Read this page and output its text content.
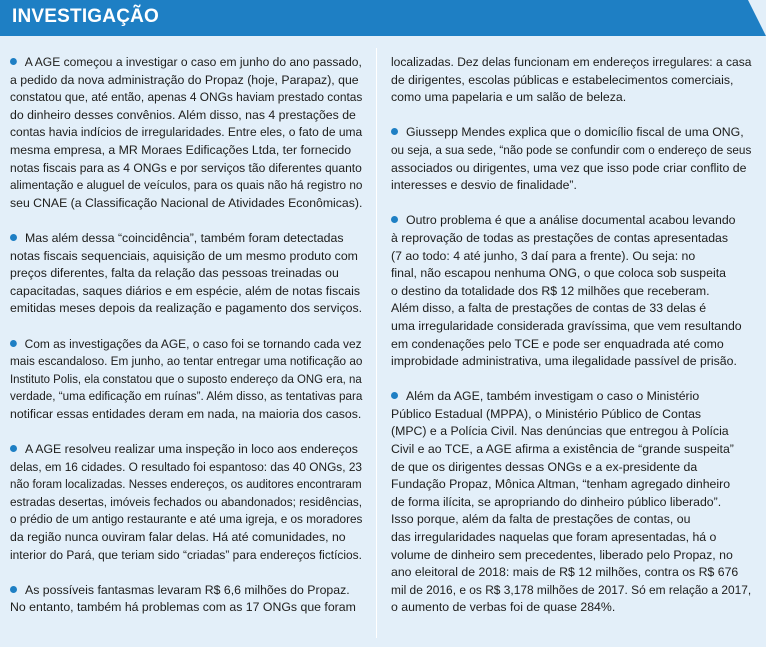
INVESTIGAÇÃO
A AGE começou a investigar o caso em junho do ano passado,
a pedido da nova administração do Propaz (hoje, Parapaz), que
constatou que, até então, apenas 4 ONGs haviam prestado contas
do dinheiro desses convênios. Além disso, nas 4 prestações de
contas havia indícios de irregularidades. Entre eles, o fato de uma
mesma empresa, a MR Moraes Edificações Ltda, ter fornecido
notas fiscais para as 4 ONGs e por serviços tão diferentes quanto
alimentação e aluguel de veículos, para os quais não há registro no
seu CNAE (a Classificação Nacional de Atividades Econômicas).
Mas além dessa “coincidência”, também foram detectadas
notas fiscais sequenciais, aquisição de um mesmo produto com
preços diferentes, falta da relação das pessoas treinadas ou
capacitadas, saques diários e em espécie, além de notas fiscais
emitidas meses depois da realização e pagamento dos serviços.
Com as investigações da AGE, o caso foi se tornando cada vez
mais escandaloso. Em junho, ao tentar entregar uma notificação ao
Instituto Polis, ela constatou que o suposto endereço da ONG era, na
verdade, “uma edificação em ruínas”. Além disso, as tentativas para
notificar essas entidades deram em nada, na maioria dos casos.
A AGE resolveu realizar uma inspeção in loco aos endereços
delas, em 16 cidades. O resultado foi espantoso: das 40 ONGs, 23
não foram localizadas. Nesses endereços, os auditores encontraram
estradas desertas, imóveis fechados ou abandonados; residências,
o prédio de um antigo restaurante e até uma igreja, e os moradores
da região nunca ouviram falar delas. Há até comunidades, no
interior do Pará, que teriam sido “criadas” para endereços fictícios.
As possíveis fantasmas levaram R$ 6,6 milhões do Propaz.
No entanto, também há problemas com as 17 ONGs que foram
localizadas. Dez delas funcionam em endereços irregulares: a casa
de dirigentes, escolas públicas e estabelecimentos comerciais,
como uma papelaria e um salão de beleza.
Giussepp Mendes explica que o domicílio fiscal de uma ONG,
ou seja, a sua sede, “não pode se confundir com o endereço de seus
associados ou dirigentes, uma vez que isso pode criar conflito de
interesses e desvio de finalidade”.
Outro problema é que a análise documental acabou levando
à reprovação de todas as prestações de contas apresentadas
(7 ao todo: 4 até junho, 3 daí para a frente). Ou seja: no
final, não escapou nenhuma ONG, o que coloca sob suspeita
o destino da totalidade dos R$ 12 milhões que receberam.
Além disso, a falta de prestações de contas de 33 delas é
uma irregularidade considerada gravíssima, que vem resultando
em condenações pelo TCE e pode ser enquadrada até como
improbidade administrativa, uma ilegalidade passível de prisão.
Além da AGE, também investigam o caso o Ministério
Público Estadual (MPPA), o Ministério Público de Contas
(MPC) e a Polícia Civil. Nas denúncias que entregou à Polícia
Civil e ao TCE, a AGE afirma a existência de “grande suspeita”
de que os dirigentes dessas ONGs e a ex-presidente da
Fundação Propaz, Mônica Altman, “tenham agregado dinheiro
de forma ilícita, se apropriando do dinheiro público liberado”.
Isso porque, além da falta de prestações de contas, ou
das irregularidades naquelas que foram apresentadas, há o
volume de dinheiro sem precedentes, liberado pelo Propaz, no
ano eleitoral de 2018: mais de R$ 12 milhões, contra os R$ 676
mil de 2016, e os R$ 3,178 milhões de 2017. Só em relação a 2017,
o aumento de verbas foi de quase 284%.
